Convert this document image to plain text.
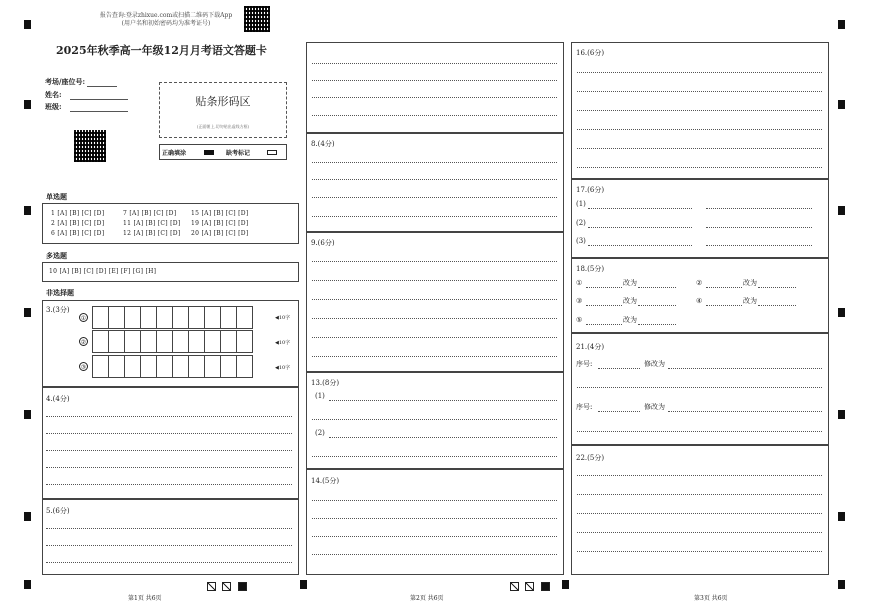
报告查询:登录zhixue.com或扫描二维码下载App
(用户名和初始密码均为准考证号)
2025年秋季高一年级12月月考语文答题卡
考场/座位号:
姓名:
班级:	贴条形码区
(正面朝上,切勿贴出虚线方框)
正确填涂	缺考标记
单选题
1 [A] [B] [C] [D]	7 [A] [B] [C] [D] 15 [A] [B] [C] [D]
2 [A] [B] [C] [D]	11 [A] [B] [C] [D] 19 [A] [B] [C] [D]
6 [A] [B] [C] [D]	12 [A] [B] [C] [D] 20 [A] [B] [C] [D]
多选题
10 [A] [B] [C] [D] [E] [F] [G] [H]
非选择题
3.(3分)
①
②
③
◀10字
◀10字
◀10字
4.(4分)
5.(6分)
第1页 共6页
8.(4分)
9.(6分)
13.(8分)
(1)
(2)
14.(5分)
第2页 共6页
16.(6分)
17.(6分)
(1)
(2)
(3)
18.(5分)
①	改为	②	改为
③	改为	④	改为
⑤	改为
21.(4分)
序号:	修改为
序号:	修改为
22.(5分)
第3页 共6页
